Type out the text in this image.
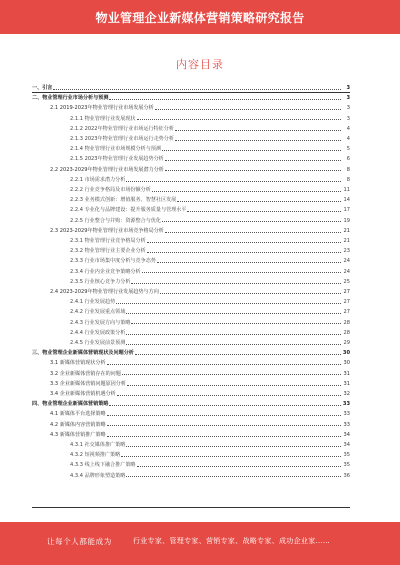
物业管理企业新媒体营销策略研究报告
内容目录
一、引言	3
二、物业管理行业市场分析与预测	3
2.1 2019-2023年物业管理行业市场发展分析	3
2.1.1 物业管理行业发展现状	3
2.1.2 2022年物业管理行业市场运行特征分析	4
2.1.3 2023年物业管理行业市场运行走势分析	4
2.1.4 物业管理行业市场规模分析与预测	5
2.1.5 2023年物业管理行业发展趋势分析	6
2.2 2023-2029年物业管理行业市场发展潜力分析	8
2.2.1 市场需求潜力分析	8
2.2.2 行业竞争格局及市场份额分析	11
2.2.3 业务模式创新：增值服务、智慧社区发展	14
2.2.4 专业化与品牌建设：提升服务质量与管理水平	17
2.2.5 行业整合与并购：资源整合与优化	19
2.3 2023-2029年物业管理行业市场竞争格局分析	21
2.3.1 物业管理行业竞争格局分析	21
2.3.2 物业管理行业主要企业分析	23
2.3.3 行业市场集中度分析与竞争态势	24
2.3.4 行业内企业竞争策略分析	24
2.3.5 行业核心竞争力分析	25
2.4 2023-2029年物业管理行业发展趋势与方向	27
2.4.1 行业发展趋势	27
2.4.2 行业发展重点领域	27
2.4.3 行业发展方向与策略	28
2.4.4 行业发展政策分析	28
2.4.5 行业发展前景预测	29
三、物业管理企业新媒体营销现状及问题分析	30
3.1 新媒体营销现状分析	30
3.2 企业新媒体营销存在的问题	31
3.3 企业新媒体营销问题原因分析	31
3.4 企业新媒体营销机遇分析	32
四、物业管理企业新媒体营销策略	33
4.1 新媒体平台选择策略	33
4.2 新媒体内容营销策略	33
4.3 新媒体营销推广策略	34
4.3.1 社交媒体推广策略	34
4.3.2 短视频推广策略	35
4.3.3 线上线下融合推广策略	35
4.3.4 品牌形象塑造策略	36
让每个人都能成为	行业专家、管理专家、营销专家、战略专家、成功企业家……
